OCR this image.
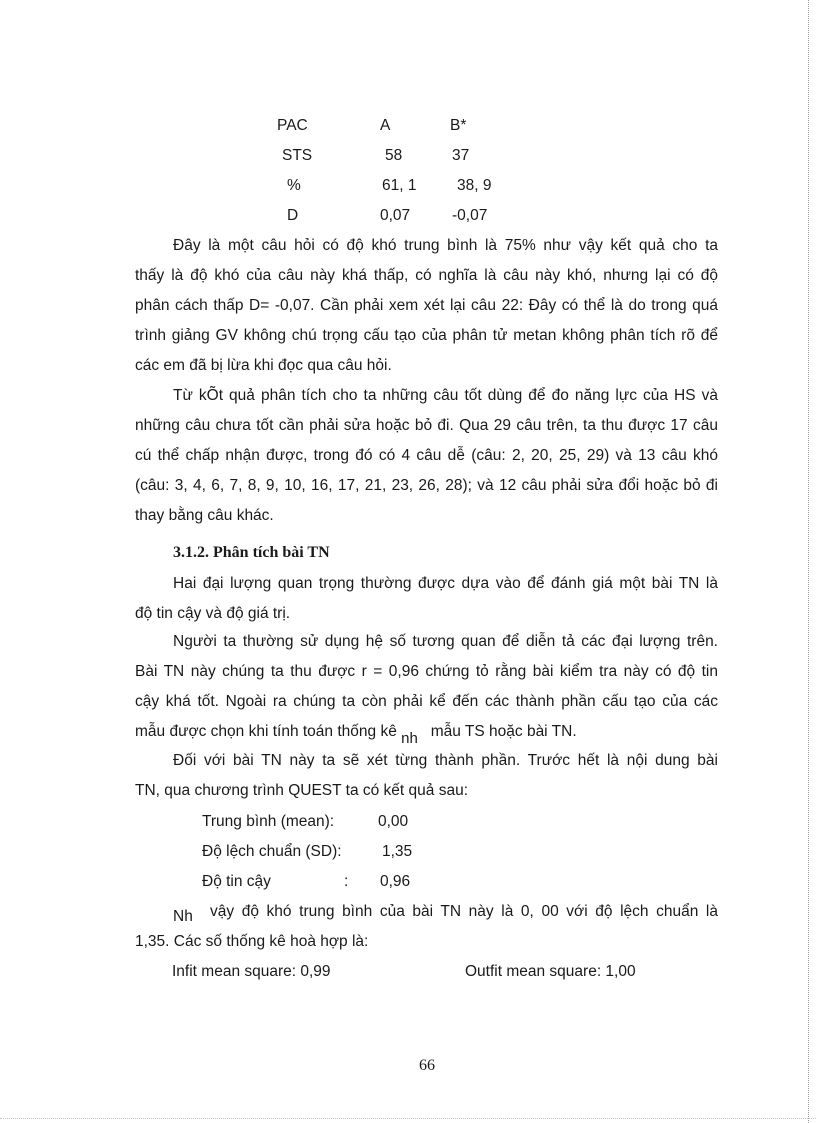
PAC	A	B*
STS	58	37
%	61, 1	38, 9
D	0,07	-0,07
Đây là một câu hỏi có độ khó trung bình là 75% như vậy kết quả cho ta
thấy là độ khó của câu này khá thấp, có nghĩa là câu này khó, nhưng lại có độ
phân cách thấp D= -0,07. Cần phải xem xét lại câu 22: Đây có thể là do trong quá
trình giảng GV không chú trọng cấu tạo của phân tử metan không phân tích rõ để
các em đã bị lừa khi đọc qua câu hỏi.
Từ kÕt quả phân tích cho ta những câu tốt dùng để đo năng lực của HS và
những câu chưa tốt cần phải sửa hoặc bỏ đi. Qua 29 câu trên, ta thu được 17 câu
cú thể chấp nhận được, trong đó có 4 câu dễ (câu: 2, 20, 25, 29) và 13 câu khó
(câu: 3, 4, 6, 7, 8, 9, 10, 16, 17, 21, 23, 26, 28); và 12 câu phải sửa đổi hoặc bỏ đi
thay bằng câu khác.
3.1.2. Phân tích bài TN
Hai đại lượng quan trọng thường được dựa vào để đánh giá một bài TN là
độ tin cậy và độ giá trị.
Người ta thường sử dụng hệ số tương quan để diễn tả các đại lượng trên.
Bài TN này chúng ta thu được r = 0,96 chứng tỏ rằng bài kiểm tra này có độ tin
cậy khá tốt. Ngoài ra chúng ta còn phải kể đến các thành phần cấu tạo của các
mẫu được chọn khi tính toán thống kê nh mẫu TS hoặc bài TN.
Đối với bài TN này ta sẽ xét từng thành phần. Trước hết là nội dung bài
TN, qua chương trình QUEST ta có kết quả sau:
Trung bình (mean):	0,00
Độ lệch chuẩn (SD):	1,35
Độ tin cậy	: 0,96
Nh vậy độ khó trung bình của bài TN này là 0, 00 với độ lệch chuẩn là
1,35. Các số thống kê hoà hợp là:
Infit mean square: 0,99	Outfit mean square: 1,00
66
